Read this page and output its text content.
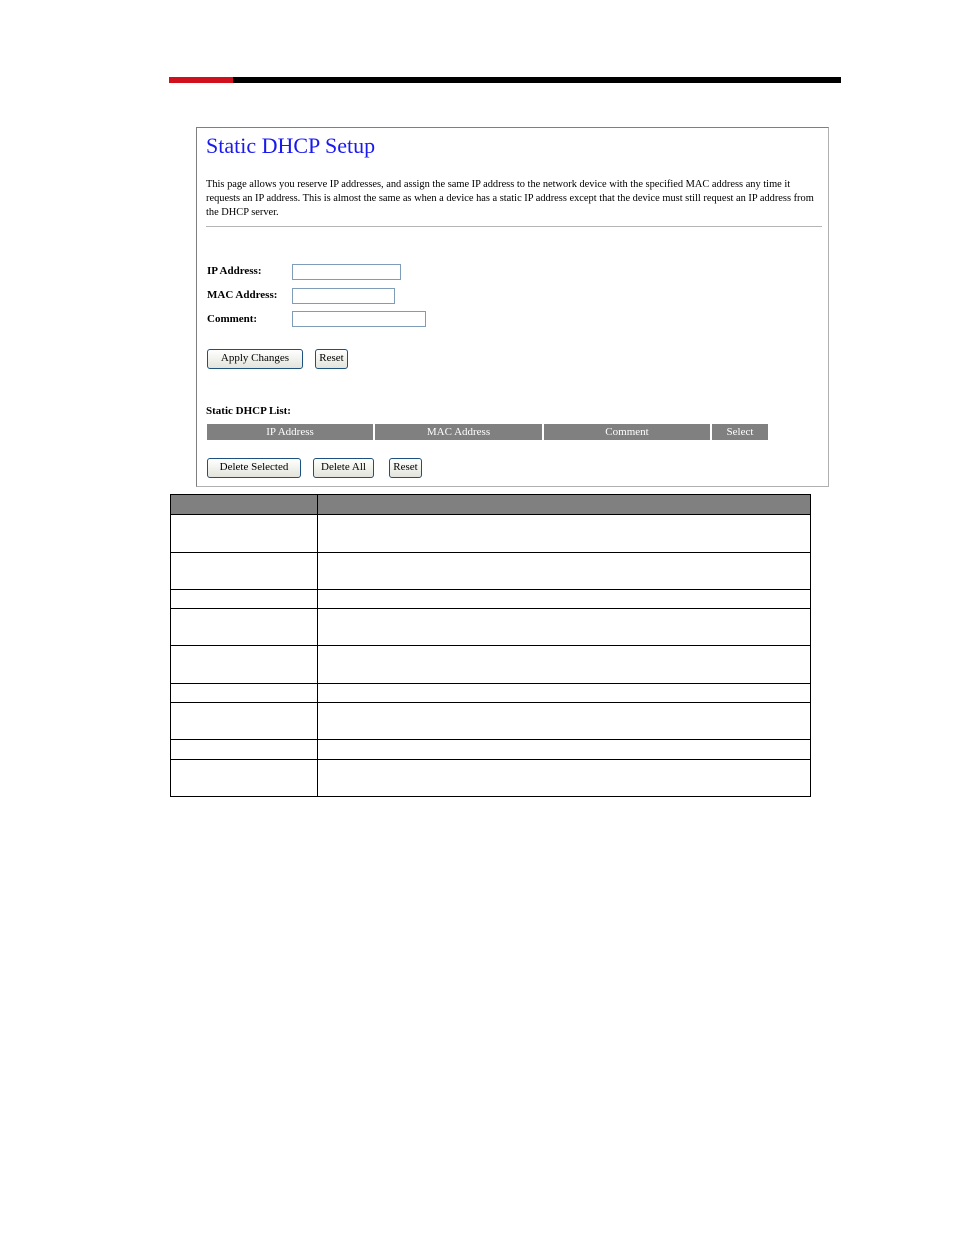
Static DHCP Setup
This page allows you reserve IP addresses, and assign the same IP address to the network device with the specified MAC address any time it requests an IP address. This is almost the same as when a device has a static IP address except that the device must still request an IP address from the DHCP server.
IP Address:
MAC Address:
Comment:
Apply Changes	Reset
Static DHCP List:
IP Address	MAC Address	Comment	Select
Delete Selected	Delete All	Reset
